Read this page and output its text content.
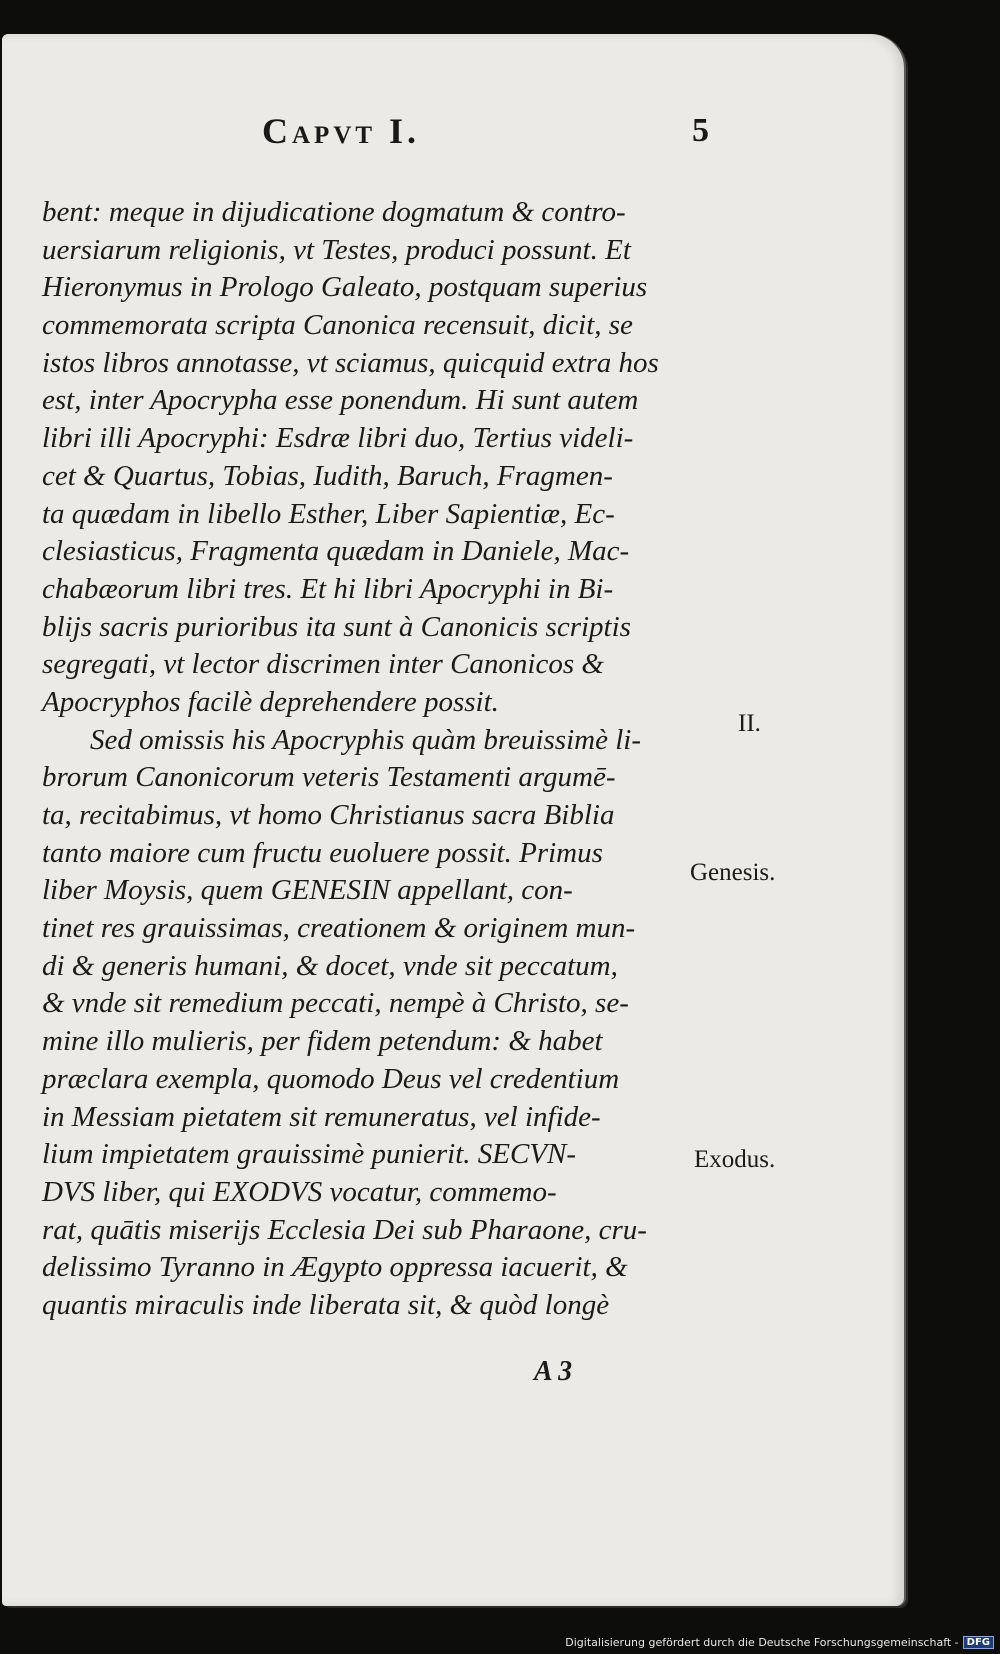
Capvt I.	5
bent: meque in dijudicatione dogmatum & contro-
uersiarum religionis, vt Testes, produci possunt. Et
Hieronymus in Prologo Galeato, postquam superius
commemorata scripta Canonica recensuit, dicit, se
istos libros annotasse, vt sciamus, quicquid extra hos
est, inter Apocrypha esse ponendum. Hi sunt autem
libri illi Apocryphi: Esdræ libri duo, Tertius videli-
cet & Quartus, Tobias, Iudith, Baruch, Fragmen-
ta quædam in libello Esther, Liber Sapientiæ, Ec-
clesiasticus, Fragmenta quædam in Daniele, Mac-
chabæorum libri tres. Et hi libri Apocryphi in Bi-
blijs sacris purioribus ita sunt à Canonicis scriptis
segregati, vt lector discrimen inter Canonicos &
Apocryphos facilè deprehendere possit.
Sed omissis his Apocryphis quàm breuissimè li-
brorum Canonicorum veteris Testamenti argumē-
ta, recitabimus, vt homo Christianus sacra Biblia
tanto maiore cum fructu euoluere possit. Primus
liber Moysis, quem GENESIN appellant, con-
tinet res grauissimas, creationem & originem mun-
di & generis humani, & docet, vnde sit peccatum,
& vnde sit remedium peccati, nempè à Christo, se-
mine illo mulieris, per fidem petendum: & habet
præclara exempla, quomodo Deus vel credentium
in Messiam pietatem sit remuneratus, vel infide-
lium impietatem grauissimè punierit. SECVN-
DVS liber, qui EXODVS vocatur, commemo-
rat, quātis miserijs Ecclesia Dei sub Pharaone, cru-
delissimo Tyranno in Ægypto oppressa iacuerit, &
quantis miraculis inde liberata sit, & quòd longè
II.
Genesis.
Exodus.
A 3
Digitalisierung gefördert durch die Deutsche Forschungsgemeinschaft - DFG
